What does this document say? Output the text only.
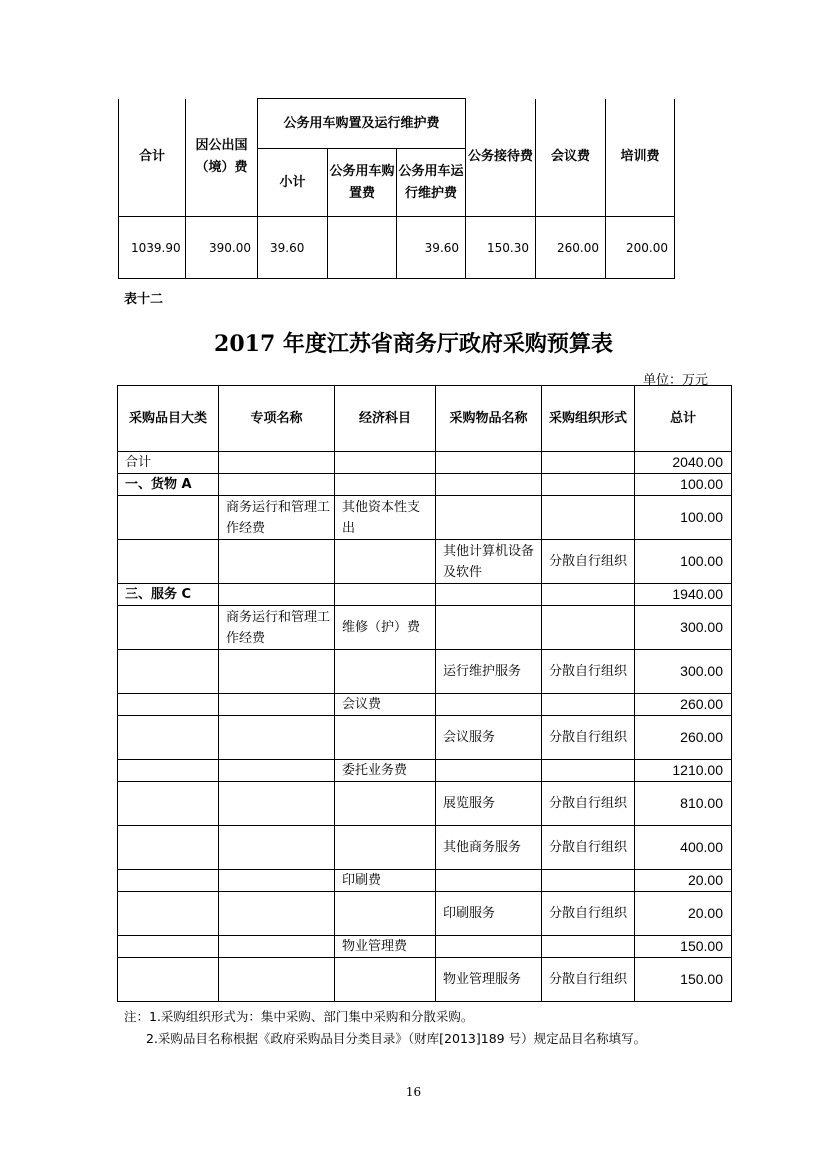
合计	因公出国（境）费	公务用车购置及运行维护费			公务接待费	会议费	培训费
		小计	公务用车购置费	公务用车运行维护费			
1039.90	390.00	39.60		39.60	150.30	260.00	200.00
表十二
2017 年度江苏省商务厅政府采购预算表
单位：万元
采购品目大类	专项名称	经济科目	采购物品名称	采购组织形式	总计
合计					2040.00
一、货物 A					100.00
	商务运行和管理工作经费	其他资本性支出			100.00
			其他计算机设备及软件	分散自行组织	100.00
三、服务 C					1940.00
	商务运行和管理工作经费	维修（护）费			300.00
			运行维护服务	分散自行组织	300.00
		会议费			260.00
			会议服务	分散自行组织	260.00
		委托业务费			1210.00
			展览服务	分散自行组织	810.00
			其他商务服务	分散自行组织	400.00
		印刷费			20.00
			印刷服务	分散自行组织	20.00
		物业管理费			150.00
			物业管理服务	分散自行组织	150.00
注：1.采购组织形式为：集中采购、部门集中采购和分散采购。
2.采购品目名称根据《政府采购品目分类目录》（财库[2013]189 号）规定品目名称填写。
16
